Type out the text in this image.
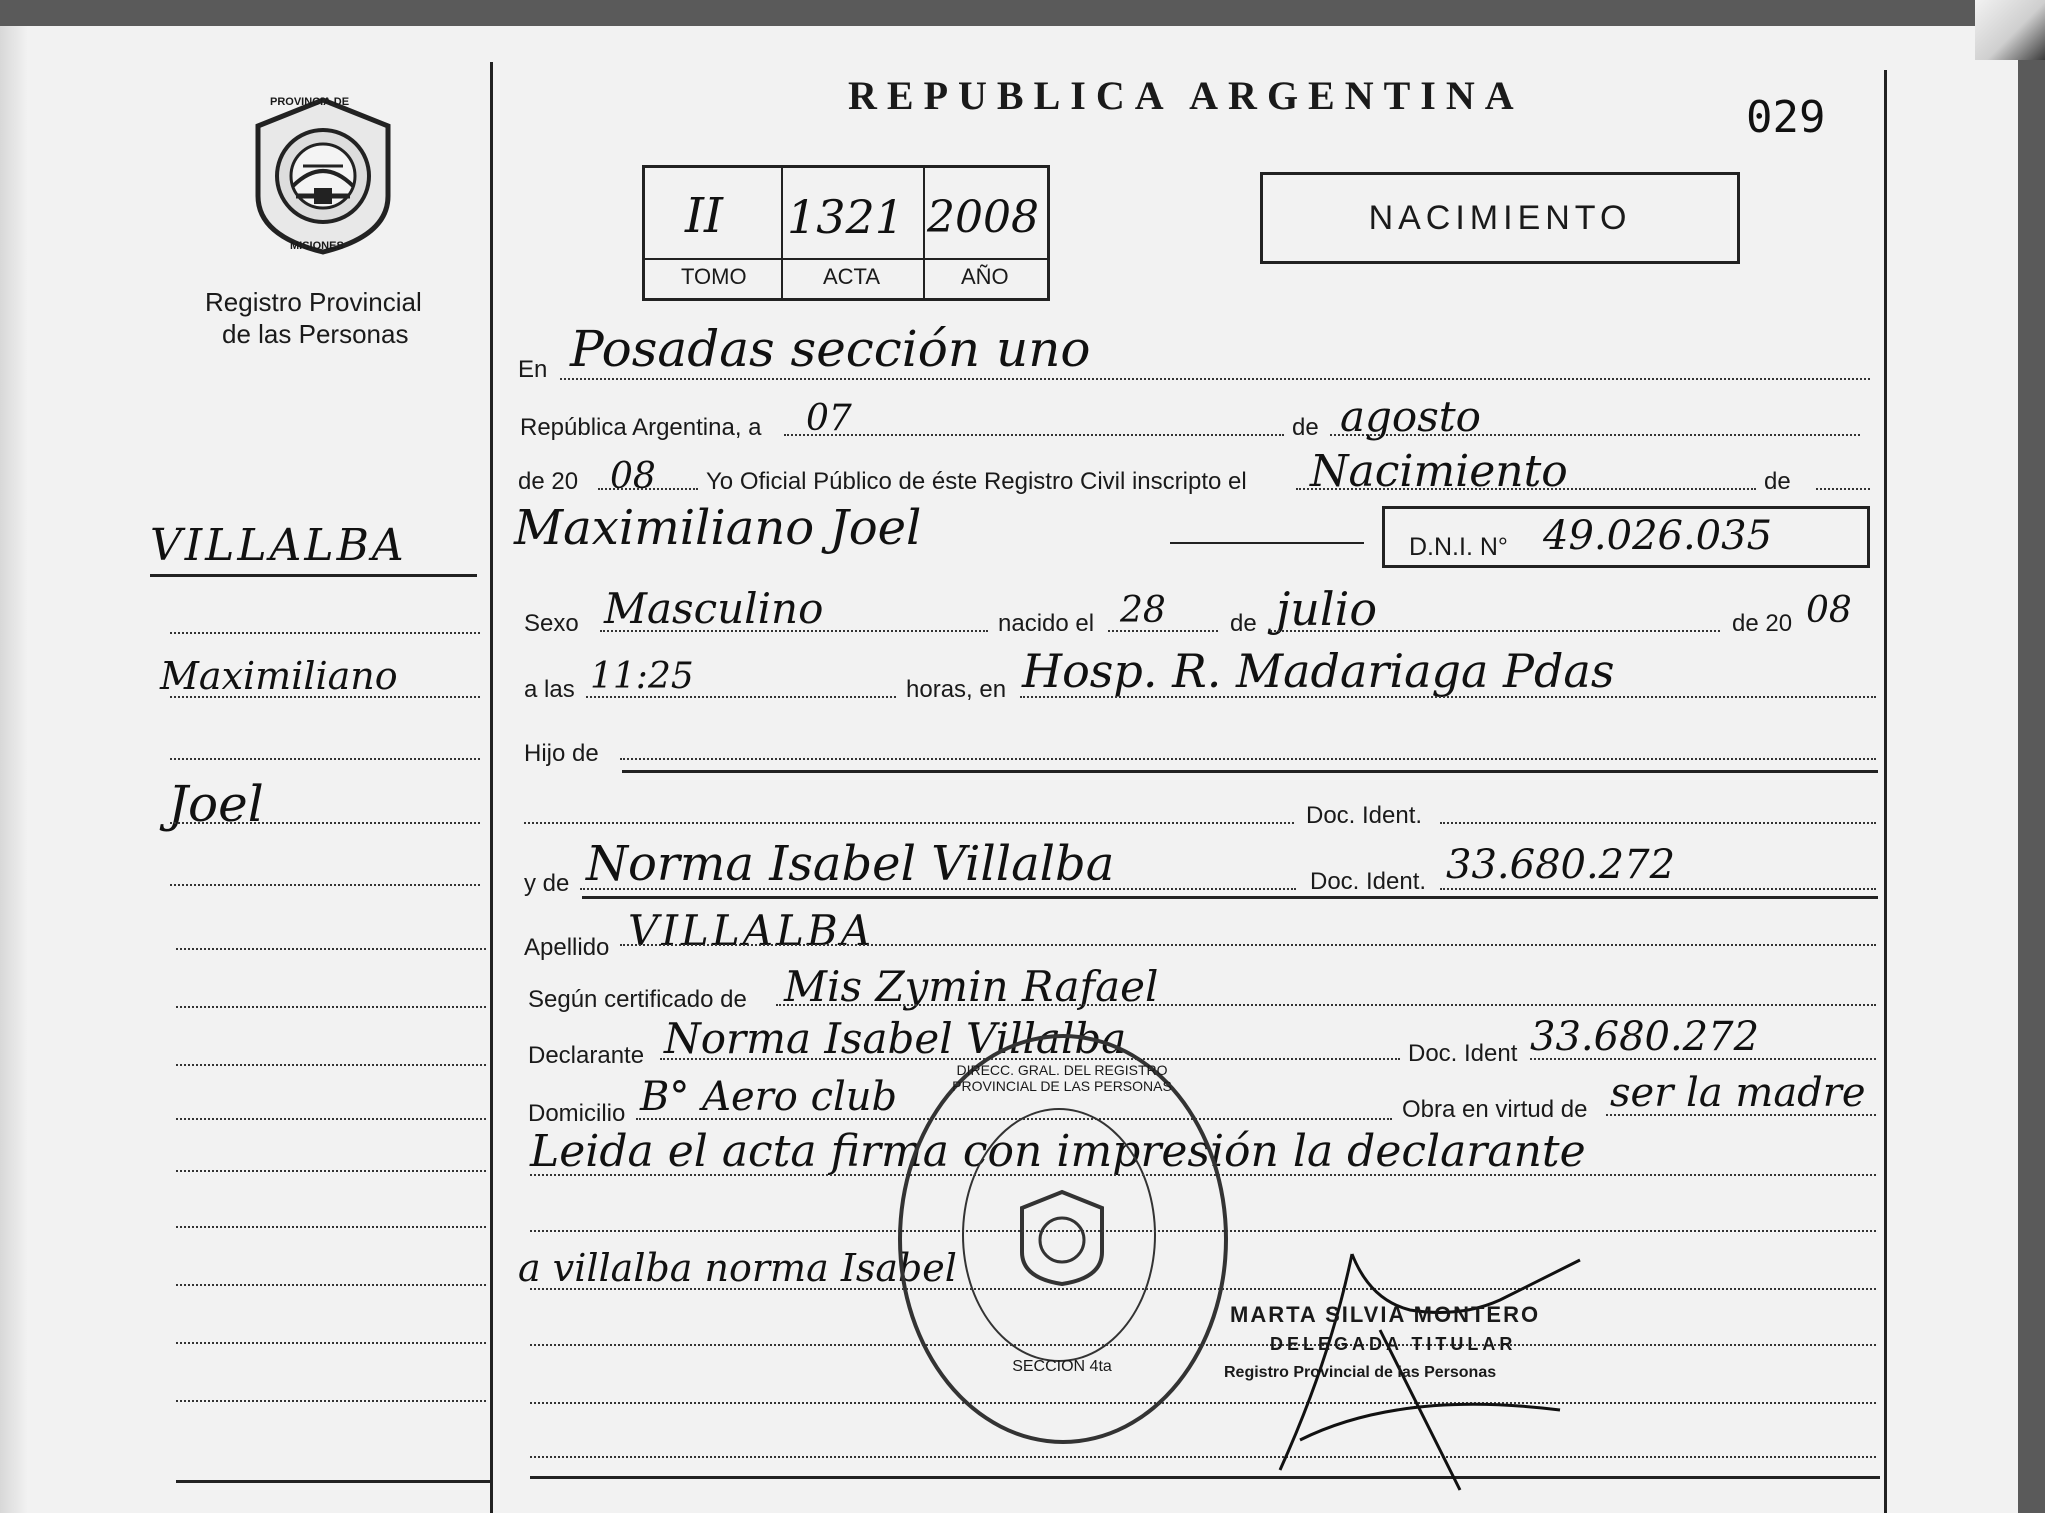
PROVINCIA DE
MISIONES
Registro Provincial
de las Personas
VILLALBA
Maximiliano
Joel
REPUBLICA ARGENTINA	029
II 1321 2008
TOMO	ACTA	AÑO
NACIMIENTO
En Posadas sección uno
República Argentina, a 07	de agosto
de 20 08 Yo Oficial Público de éste Registro Civil inscripto el Nacimiento	de
Maximiliano Joel	D.N.I. N° 49.026.035
Sexo Masculino	nacido el 28	de julio	de 20 08
a las 11:25	horas, en Hosp. R. Madariaga Pdas
Hijo de
Doc. Ident.
y de Norma Isabel Villalba	Doc. Ident. 33.680.272
Apellido VILLALBA
Según certificado de Mis Zymin Rafael
Declarante Norma Isabel Villalba	Doc. Ident 33.680.272
Domicilio B° Aero club	Obra en virtud de ser la madre
Leida el acta firma con impresión la declarante
a villalba norma Isabel
DIRECC. GRAL. DEL REGISTRO PROVINCIAL DE LAS PERSONAS
SECCION 4ta
MARTA SILVIA MONTERO
DELEGADA TITULAR
Registro Provincial de las Personas
